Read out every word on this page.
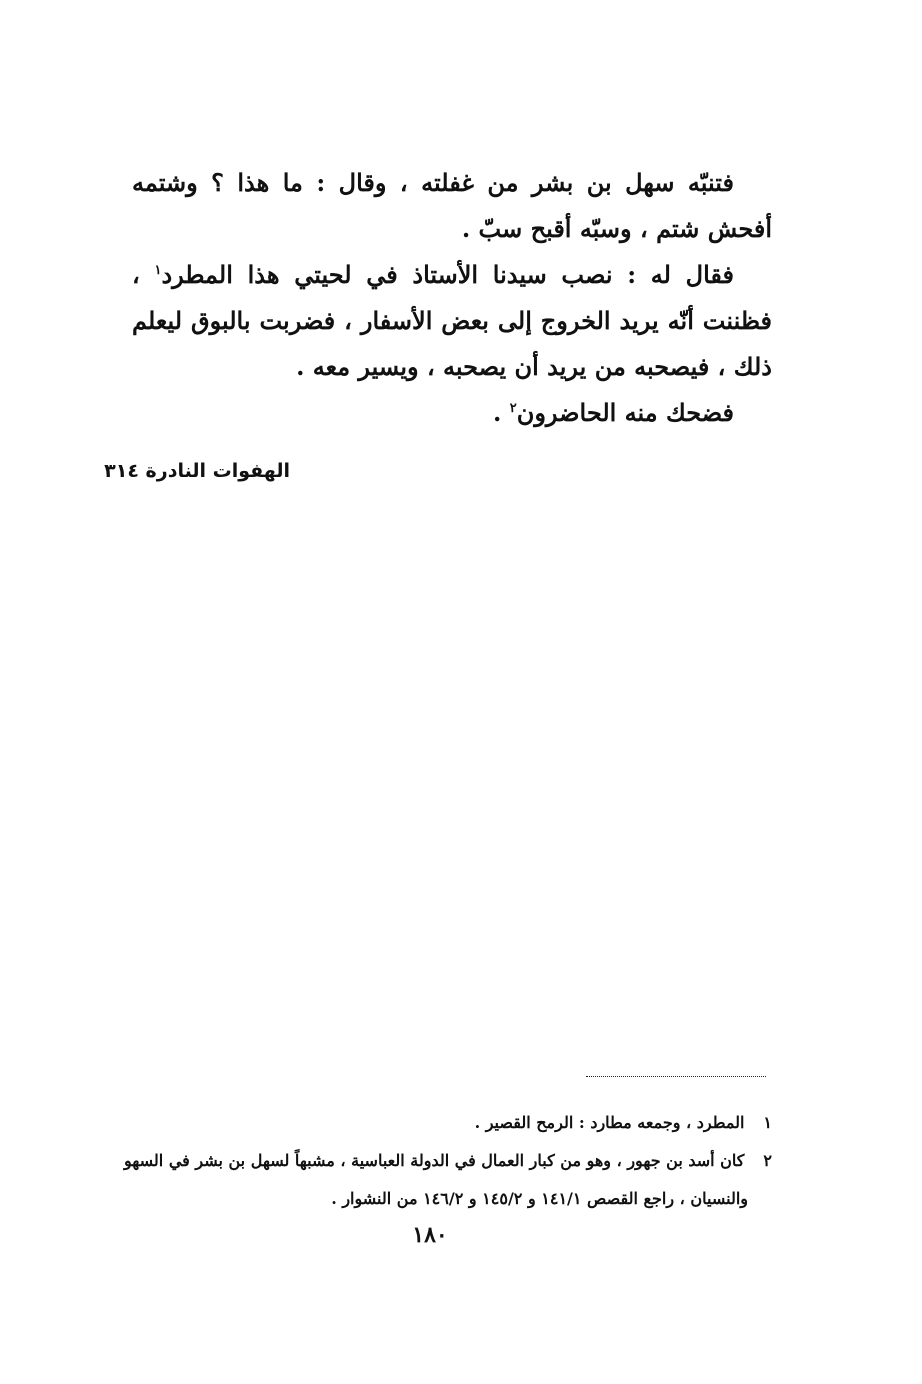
فتنبّه سهل بن بشر من غفلته ، وقال : ما هذا ؟ وشتمه أفحش شتم ، وسبّه أقبح سبّ .

فقال له : نصب سيدنا الأستاذ في لحيتي هذا المطرد$^١$ ، فظننت أنّه يريد الخروج إلى بعض الأسفار ، فضربت بالبوق ليعلم ذلك ، فيصحبه من يريد أن يصحبه ، ويسير معه .

فضحك منه الحاضرون$^٢$ .

الهفوات النادرة ٣١٤

١ المطرد ، وجمعه مطارد : الرمح القصير .

٢ كان أسد بن جهور ، وهو من كبار العمال في الدولة العباسية ، مشبهاً لسهل بن بشر في السهو

والنسيان ، راجع القصص ١٤١/١ و ١٤٥/٢ و ١٤٦/٢ من النشوار .

١٨٠
